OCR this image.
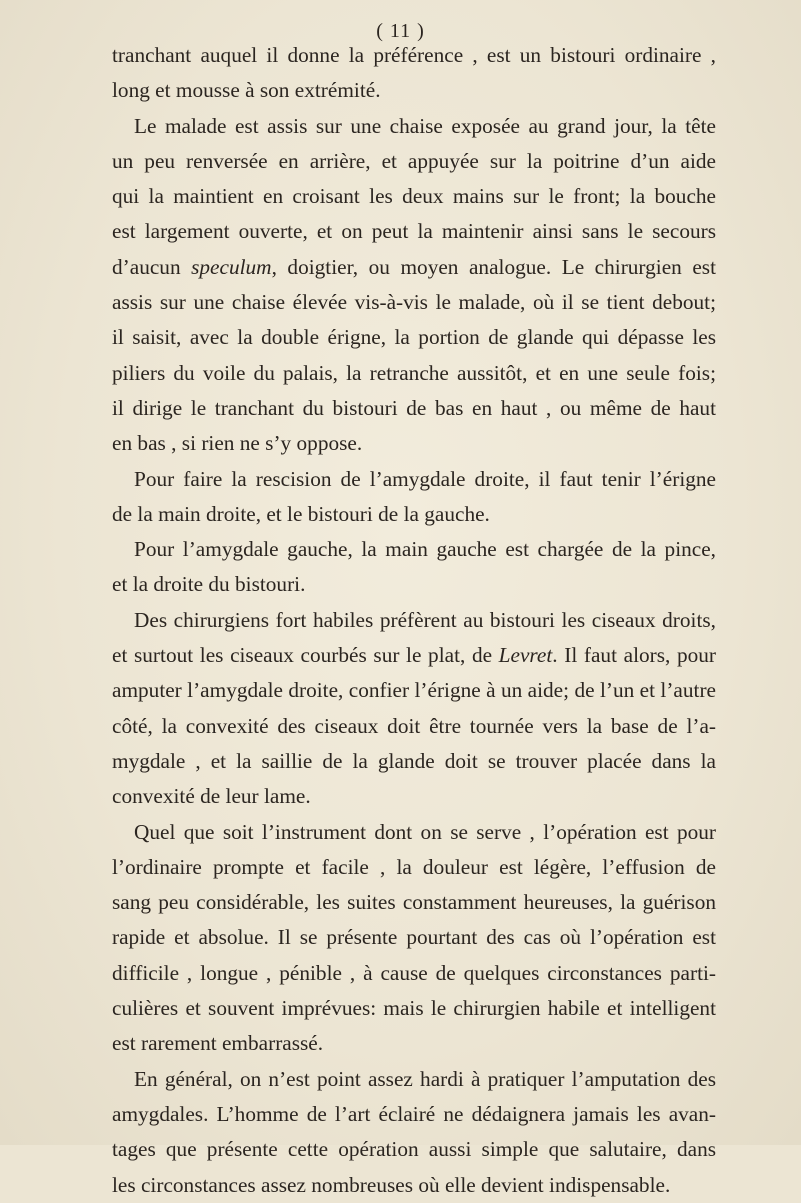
( 11 )
tranchant auquel il donne la préférence , est un bistouri ordinaire ,
long et mousse à son extrémité.
Le malade est assis sur une chaise exposée au grand jour, la tête
un peu renversée en arrière, et appuyée sur la poitrine d’un aide
qui la maintient en croisant les deux mains sur le front; la bouche
est largement ouverte, et on peut la maintenir ainsi sans le secours
d’aucun speculum, doigtier, ou moyen analogue. Le chirurgien est
assis sur une chaise élevée vis-à-vis le malade, où il se tient debout;
il saisit, avec la double érigne, la portion de glande qui dépasse les
piliers du voile du palais, la retranche aussitôt, et en une seule fois;
il dirige le tranchant du bistouri de bas en haut , ou même de haut
en bas , si rien ne s’y oppose.
Pour faire la rescision de l’amygdale droite, il faut tenir l’érigne
de la main droite, et le bistouri de la gauche.
Pour l’amygdale gauche, la main gauche est chargée de la pince,
et la droite du bistouri.
Des chirurgiens fort habiles préfèrent au bistouri les ciseaux droits,
et surtout les ciseaux courbés sur le plat, de Levret. Il faut alors, pour
amputer l’amygdale droite, confier l’érigne à un aide; de l’un et l’autre
côté, la convexité des ciseaux doit être tournée vers la base de l’a-
mygdale , et la saillie de la glande doit se trouver placée dans la
convexité de leur lame.
Quel que soit l’instrument dont on se serve , l’opération est pour
l’ordinaire prompte et facile , la douleur est légère, l’effusion de
sang peu considérable, les suites constamment heureuses, la guérison
rapide et absolue. Il se présente pourtant des cas où l’opération est
difficile , longue , pénible , à cause de quelques circonstances parti-
culières et souvent imprévues: mais le chirurgien habile et intelligent
est rarement embarrassé.
En général, on n’est point assez hardi à pratiquer l’amputation des
amygdales. L’homme de l’art éclairé ne dédaignera jamais les avan-
tages que présente cette opération aussi simple que salutaire, dans
les circonstances assez nombreuses où elle devient indispensable.
